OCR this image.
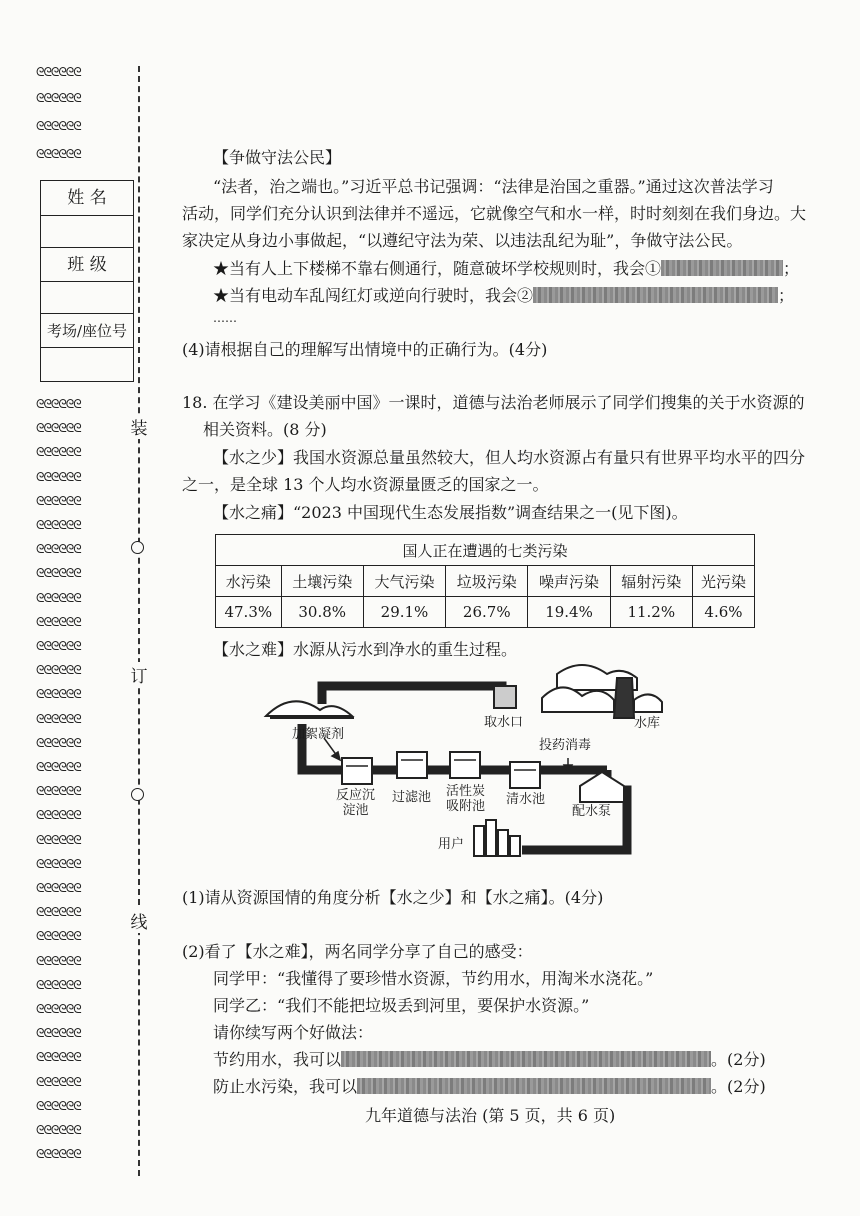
ᘓᘓᘓᘓᘓᘓ
ᘓᘓᘓᘓᘓᘓ
ᘓᘓᘓᘓᘓᘓ
ᘓᘓᘓᘓᘓᘓ
ᘓᘓᘓᘓᘓᘓ
ᘓᘓᘓᘓᘓᘓ
ᘓᘓᘓᘓᘓᘓ
ᘓᘓᘓᘓᘓᘓ
ᘓᘓᘓᘓᘓᘓ
ᘓᘓᘓᘓᘓᘓ
ᘓᘓᘓᘓᘓᘓ
ᘓᘓᘓᘓᘓᘓ
ᘓᘓᘓᘓᘓᘓ
ᘓᘓᘓᘓᘓᘓ
ᘓᘓᘓᘓᘓᘓ
ᘓᘓᘓᘓᘓᘓ
ᘓᘓᘓᘓᘓᘓ
ᘓᘓᘓᘓᘓᘓ
ᘓᘓᘓᘓᘓᘓ
ᘓᘓᘓᘓᘓᘓ
ᘓᘓᘓᘓᘓᘓ
ᘓᘓᘓᘓᘓᘓ
ᘓᘓᘓᘓᘓᘓ
ᘓᘓᘓᘓᘓᘓ
ᘓᘓᘓᘓᘓᘓ
ᘓᘓᘓᘓᘓᘓ
ᘓᘓᘓᘓᘓᘓ
ᘓᘓᘓᘓᘓᘓ
ᘓᘓᘓᘓᘓᘓ
ᘓᘓᘓᘓᘓᘓ
ᘓᘓᘓᘓᘓᘓ
ᘓᘓᘓᘓᘓᘓ
ᘓᘓᘓᘓᘓᘓ
ᘓᘓᘓᘓᘓᘓ
ᘓᘓᘓᘓᘓᘓ
ᘓᘓᘓᘓᘓᘓ
装
订
线
姓 名
班 级
考场/座位号
【争做守法公民】
“法者，治之端也。”习近平总书记强调：“法律是治国之重器。”通过这次普法学习
活动，同学们充分认识到法律并不遥远，它就像空气和水一样，时时刻刻在我们身边。大
家决定从身边小事做起，“以遵纪守法为荣、以违法乱纪为耻”，争做守法公民。
★当有人上下楼梯不靠右侧通行，随意破坏学校规则时，我会①	；
★当有电动车乱闯红灯或逆向行驶时，我会②	；
……
(4)请根据自己的理解写出情境中的正确行为。(4分)
18. 在学习《建设美丽中国》一课时，道德与法治老师展示了同学们搜集的关于水资源的
相关资料。(8 分)
【水之少】我国水资源总量虽然较大，但人均水资源占有量只有世界平均水平的四分
之一，是全球 13 个人均水资源量匮乏的国家之一。
【水之痛】“2023 中国现代生态发展指数”调查结果之一(见下图)。
国人正在遭遇的七类污染						
水污染	土壤污染	大气污染	垃圾污染	噪声污染	辐射污染	光污染
47.3%	30.8%	29.1%	26.7%	19.4%	11.2%	4.6%
【水之难】水源从污水到净水的重生过程。
取水口	水库
加絮凝剂
投药消毒
反应沉
淀池
过滤池 活性炭
吸附池 清水池
配水泵
用户
(1)请从资源国情的角度分析【水之少】和【水之痛】。(4分)
(2)看了【水之难】，两名同学分享了自己的感受：
同学甲：“我懂得了要珍惜水资源，节约用水，用淘米水浇花。”
同学乙：“我们不能把垃圾丢到河里，要保护水资源。”
请你续写两个好做法：
节约用水，我可以	。(2分)
防止水污染，我可以	。(2分)
九年道德与法治 (第 5 页，共 6 页)
